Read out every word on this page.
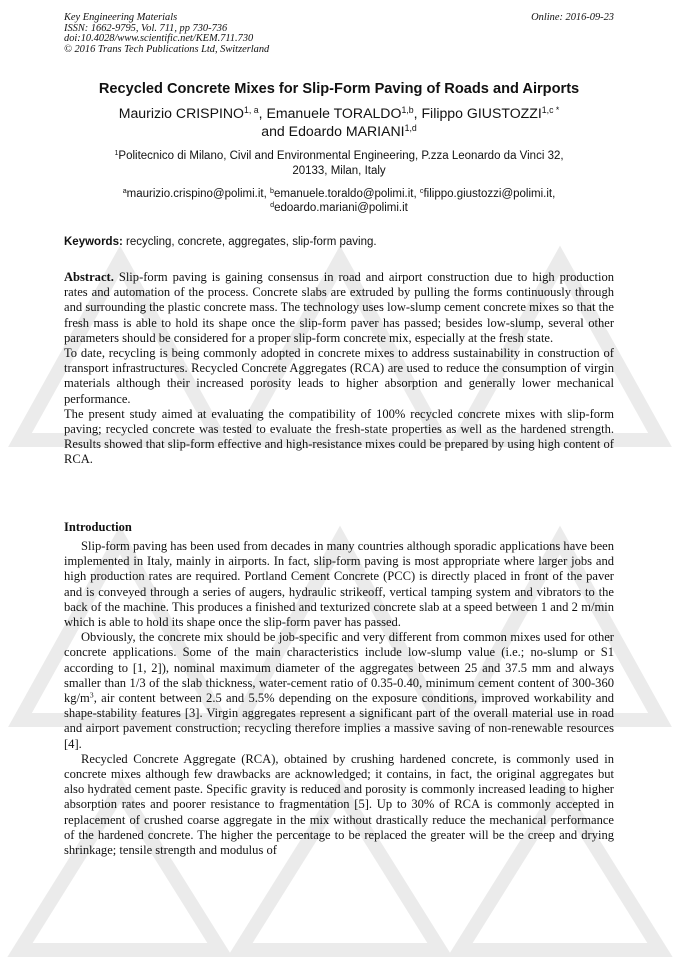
Key Engineering Materials
ISSN: 1662-9795, Vol. 711, pp 730-736
doi:10.4028/www.scientific.net/KEM.711.730
© 2016 Trans Tech Publications Ltd, Switzerland
Online: 2016-09-23
Recycled Concrete Mixes for Slip-Form Paving of Roads and Airports
Maurizio CRISPINO$^{1, a}$, Emanuele TORALDO$^{1,b}$, Filippo $GIUSTOZZI^{1,c *}$
and Edoardo MARIANI$^{1,d}$
$^1$Politecnico di Milano, Civil and Environmental Engineering, P.zza Leonardo da Vinci 32,
20133, Milan, Italy
$^a$maurizio.crispino@polimi.it, $^b$emanuele.toraldo@polimi.it, $^c$filippo.giustozzi@polimi.it,
$^d$edoardo.mariani@polimi.it
Keywords: recycling, concrete, aggregates, slip-form paving.

Abstract. Slip-form paving is gaining consensus in road and airport construction due to high production rates and automation of the process. Concrete slabs are extruded by pulling the forms continuously through and surrounding the plastic concrete mass. The technology uses low-slump cement concrete mixes so that the fresh mass is able to hold its shape once the slip-form paver has passed; besides low-slump, several other parameters should be considered for a proper slip-form concrete mix, especially at the fresh state.

To date, recycling is being commonly adopted in concrete mixes to address sustainability in construction of transport infrastructures. Recycled Concrete Aggregates (RCA) are used to reduce the consumption of virgin materials although their increased porosity leads to higher absorption and generally lower mechanical performance.

The present study aimed at evaluating the compatibility of 100% recycled concrete mixes with slip-form paving; recycled concrete was tested to evaluate the fresh-state properties as well as the hardened strength. Results showed that slip-form effective and high-resistance mixes could be prepared by using high content of RCA.

Introduction

Slip-form paving has been used from decades in many countries although sporadic applications have been implemented in Italy, mainly in airports. In fact, slip-form paving is most appropriate where larger jobs and high production rates are required. Portland Cement Concrete (PCC) is directly placed in front of the paver and is conveyed through a series of augers, hydraulic strikeoff, vertical tamping system and vibrators to the back of the machine. This produces a finished and texturized concrete slab at a speed between 1 and 2 m/min which is able to hold its shape once the slip-form paver has passed.

Obviously, the concrete mix should be job-specific and very different from common mixes used for other concrete applications. Some of the main characteristics include low-slump value (i.e.; no-slump or S1 according to [1, 2]), nominal maximum diameter of the aggregates between 25 and 37.5 mm and always smaller than 1/3 of the slab thickness, water-cement ratio of 0.35-0.40, minimum cement content of 300-360 $kg/m^3$, air content between 2.5 and 5.5% depending on the exposure conditions, improved workability and shape-stability features [3]. Virgin aggregates represent a significant part of the overall material use in road and airport pavement construction; recycling therefore implies a massive saving of non-renewable resources [4].

Recycled Concrete Aggregate (RCA), obtained by crushing hardened concrete, is commonly used in concrete mixes although few drawbacks are acknowledged; it contains, in fact, the original aggregates but also hydrated cement paste. Specific gravity is reduced and porosity is commonly increased leading to higher absorption rates and poorer resistance to fragmentation [5]. Up to 30% of RCA is commonly accepted in replacement of crushed coarse aggregate in the mix without drastically reduce the mechanical performance of the hardened concrete. The higher the percentage to be replaced the greater will be the creep and drying shrinkage; tensile strength and modulus of
